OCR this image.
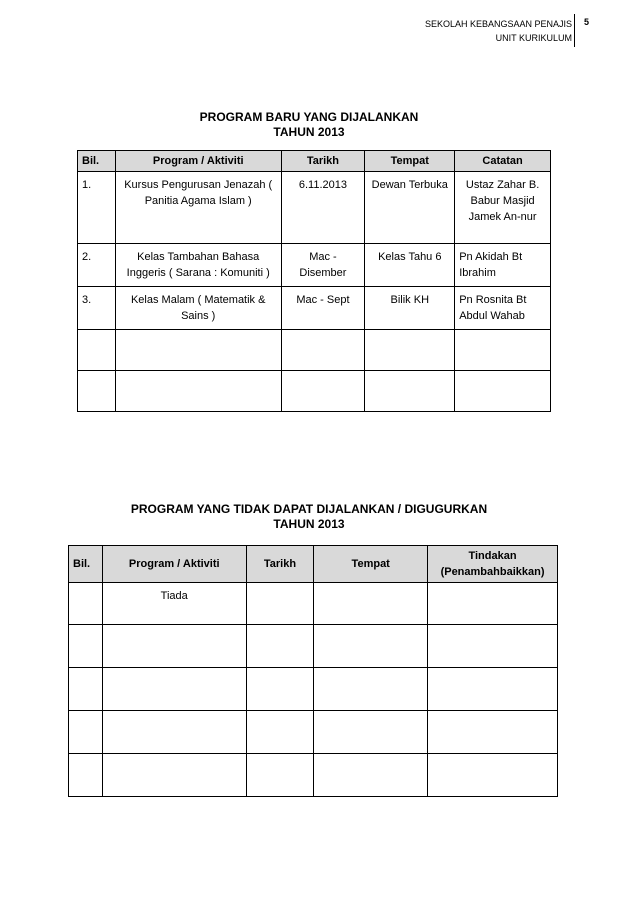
SEKOLAH KEBANGSAAN PENAJIS
UNIT KURIKULUM
5
PROGRAM BARU YANG DIJALANKAN
TAHUN 2013
Bil.	Program / Aktiviti	Tarikh	Tempat	Catatan
1.	Kursus Pengurusan Jenazah ( Panitia Agama Islam )	6.11.2013	Dewan Terbuka	Ustaz Zahar B. Babur Masjid Jamek An-nur
2.	Kelas Tambahan Bahasa Inggeris ( Sarana : Komuniti )	Mac - Disember	Kelas Tahu 6	Pn Akidah Bt Ibrahim
3.	Kelas Malam ( Matematik & Sains )	Mac - Sept	Bilik KH	Pn Rosnita Bt Abdul Wahab

PROGRAM YANG TIDAK DAPAT DIJALANKAN / DIGUGURKAN
TAHUN 2013
Bil.	Program / Aktiviti	Tarikh	Tempat	Tindakan (Penambahbaikkan)
	Tiada			
